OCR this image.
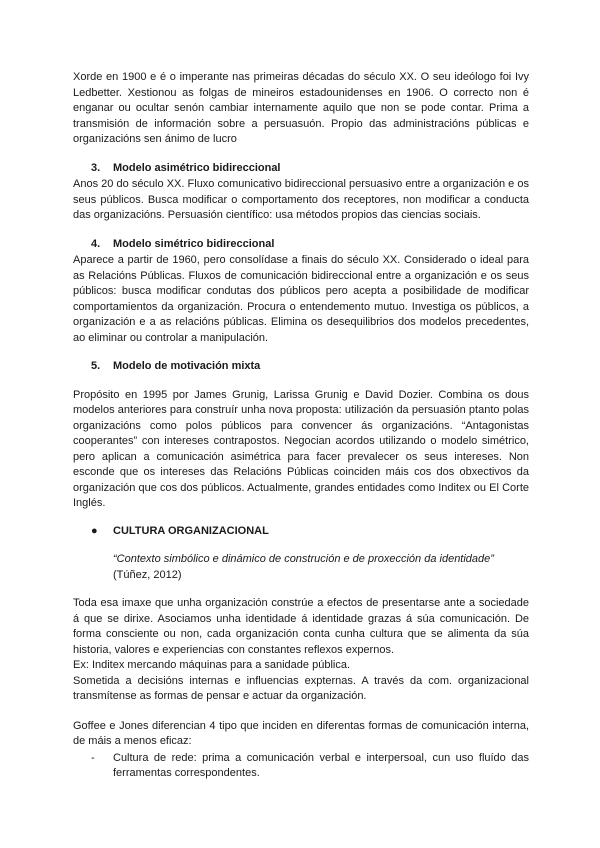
Xorde en 1900 e é o imperante nas primeiras décadas do século XX. O seu ideólogo foi Ivy Ledbetter. Xestionou as folgas de mineiros estadounidenses en 1906. O correcto non é enganar ou ocultar senón cambiar internamente aquilo que non se pode contar. Prima a transmisión de información sobre a persuasuón. Propio das administracións públicas e organizacións sen ánimo de lucro

3. Modelo asimétrico bidireccional

Anos 20 do século XX. Fluxo comunicativo bidireccional persuasivo entre a organización e os seus públicos. Busca modificar o comportamento dos receptores, non modificar a conducta das organizacións. Persuasión científico: usa métodos propios das ciencias sociais.

4. Modelo simétrico bidireccional

Aparece a partir de 1960, pero consolídase a finais do século XX. Considerado o ideal para as Relacións Públicas. Fluxos de comunicación bidireccional entre a organización e os seus públicos: busca modificar condutas dos públicos pero acepta a posibilidade de modificar comportamientos da organización. Procura o entendemento mutuo. Investiga os públicos, a organización e a as relacións públicas. Elimina os desequilibrios dos modelos precedentes, ao eliminar ou controlar a manipulación.

5. Modelo de motivación mixta

Propósito en 1995 por James Grunig, Larissa Grunig e David Dozier. Combina os dous modelos anteriores para construír unha nova proposta: utilización da persuasión ptanto polas organizacións como polos públicos para convencer ás organizacións. “Antagonistas cooperantes” con intereses contrapostos. Negocian acordos utilizando o modelo simétrico, pero aplican a comunicación asimétrica para facer prevalecer os seus intereses. Non esconde que os intereses das Relacións Públicas coinciden máis cos dos obxectivos da organización que cos dos públicos. Actualmente, grandes entidades como Inditex ou El Corte Inglés.

● CULTURA ORGANIZACIONAL
“Contexto simbólico e dinámico de construción e de proxección da identidade”
(Túñez, 2012)

Toda esa imaxe que unha organización constrúe a efectos de presentarse ante a sociedade á que se dirixe. Asociamos unha identidade á identidade grazas á súa comunicación. De forma consciente ou non, cada organización conta cunha cultura que se alimenta da súa historia, valores e experiencias con constantes reflexos expernos.

Ex: Inditex mercando máquinas para a sanidade pública.

Sometida a decisións internas e influencias expternas. A través da com. organizacional transmítense as formas de pensar e actuar da organización.

Goffee e Jones diferencian 4 tipo que inciden en diferentas formas de comunicación interna, de máis a menos eficaz:

-	Cultura de rede: prima a comunicación verbal e interpersoal, cun uso fluído das ferramentas correspondentes.
